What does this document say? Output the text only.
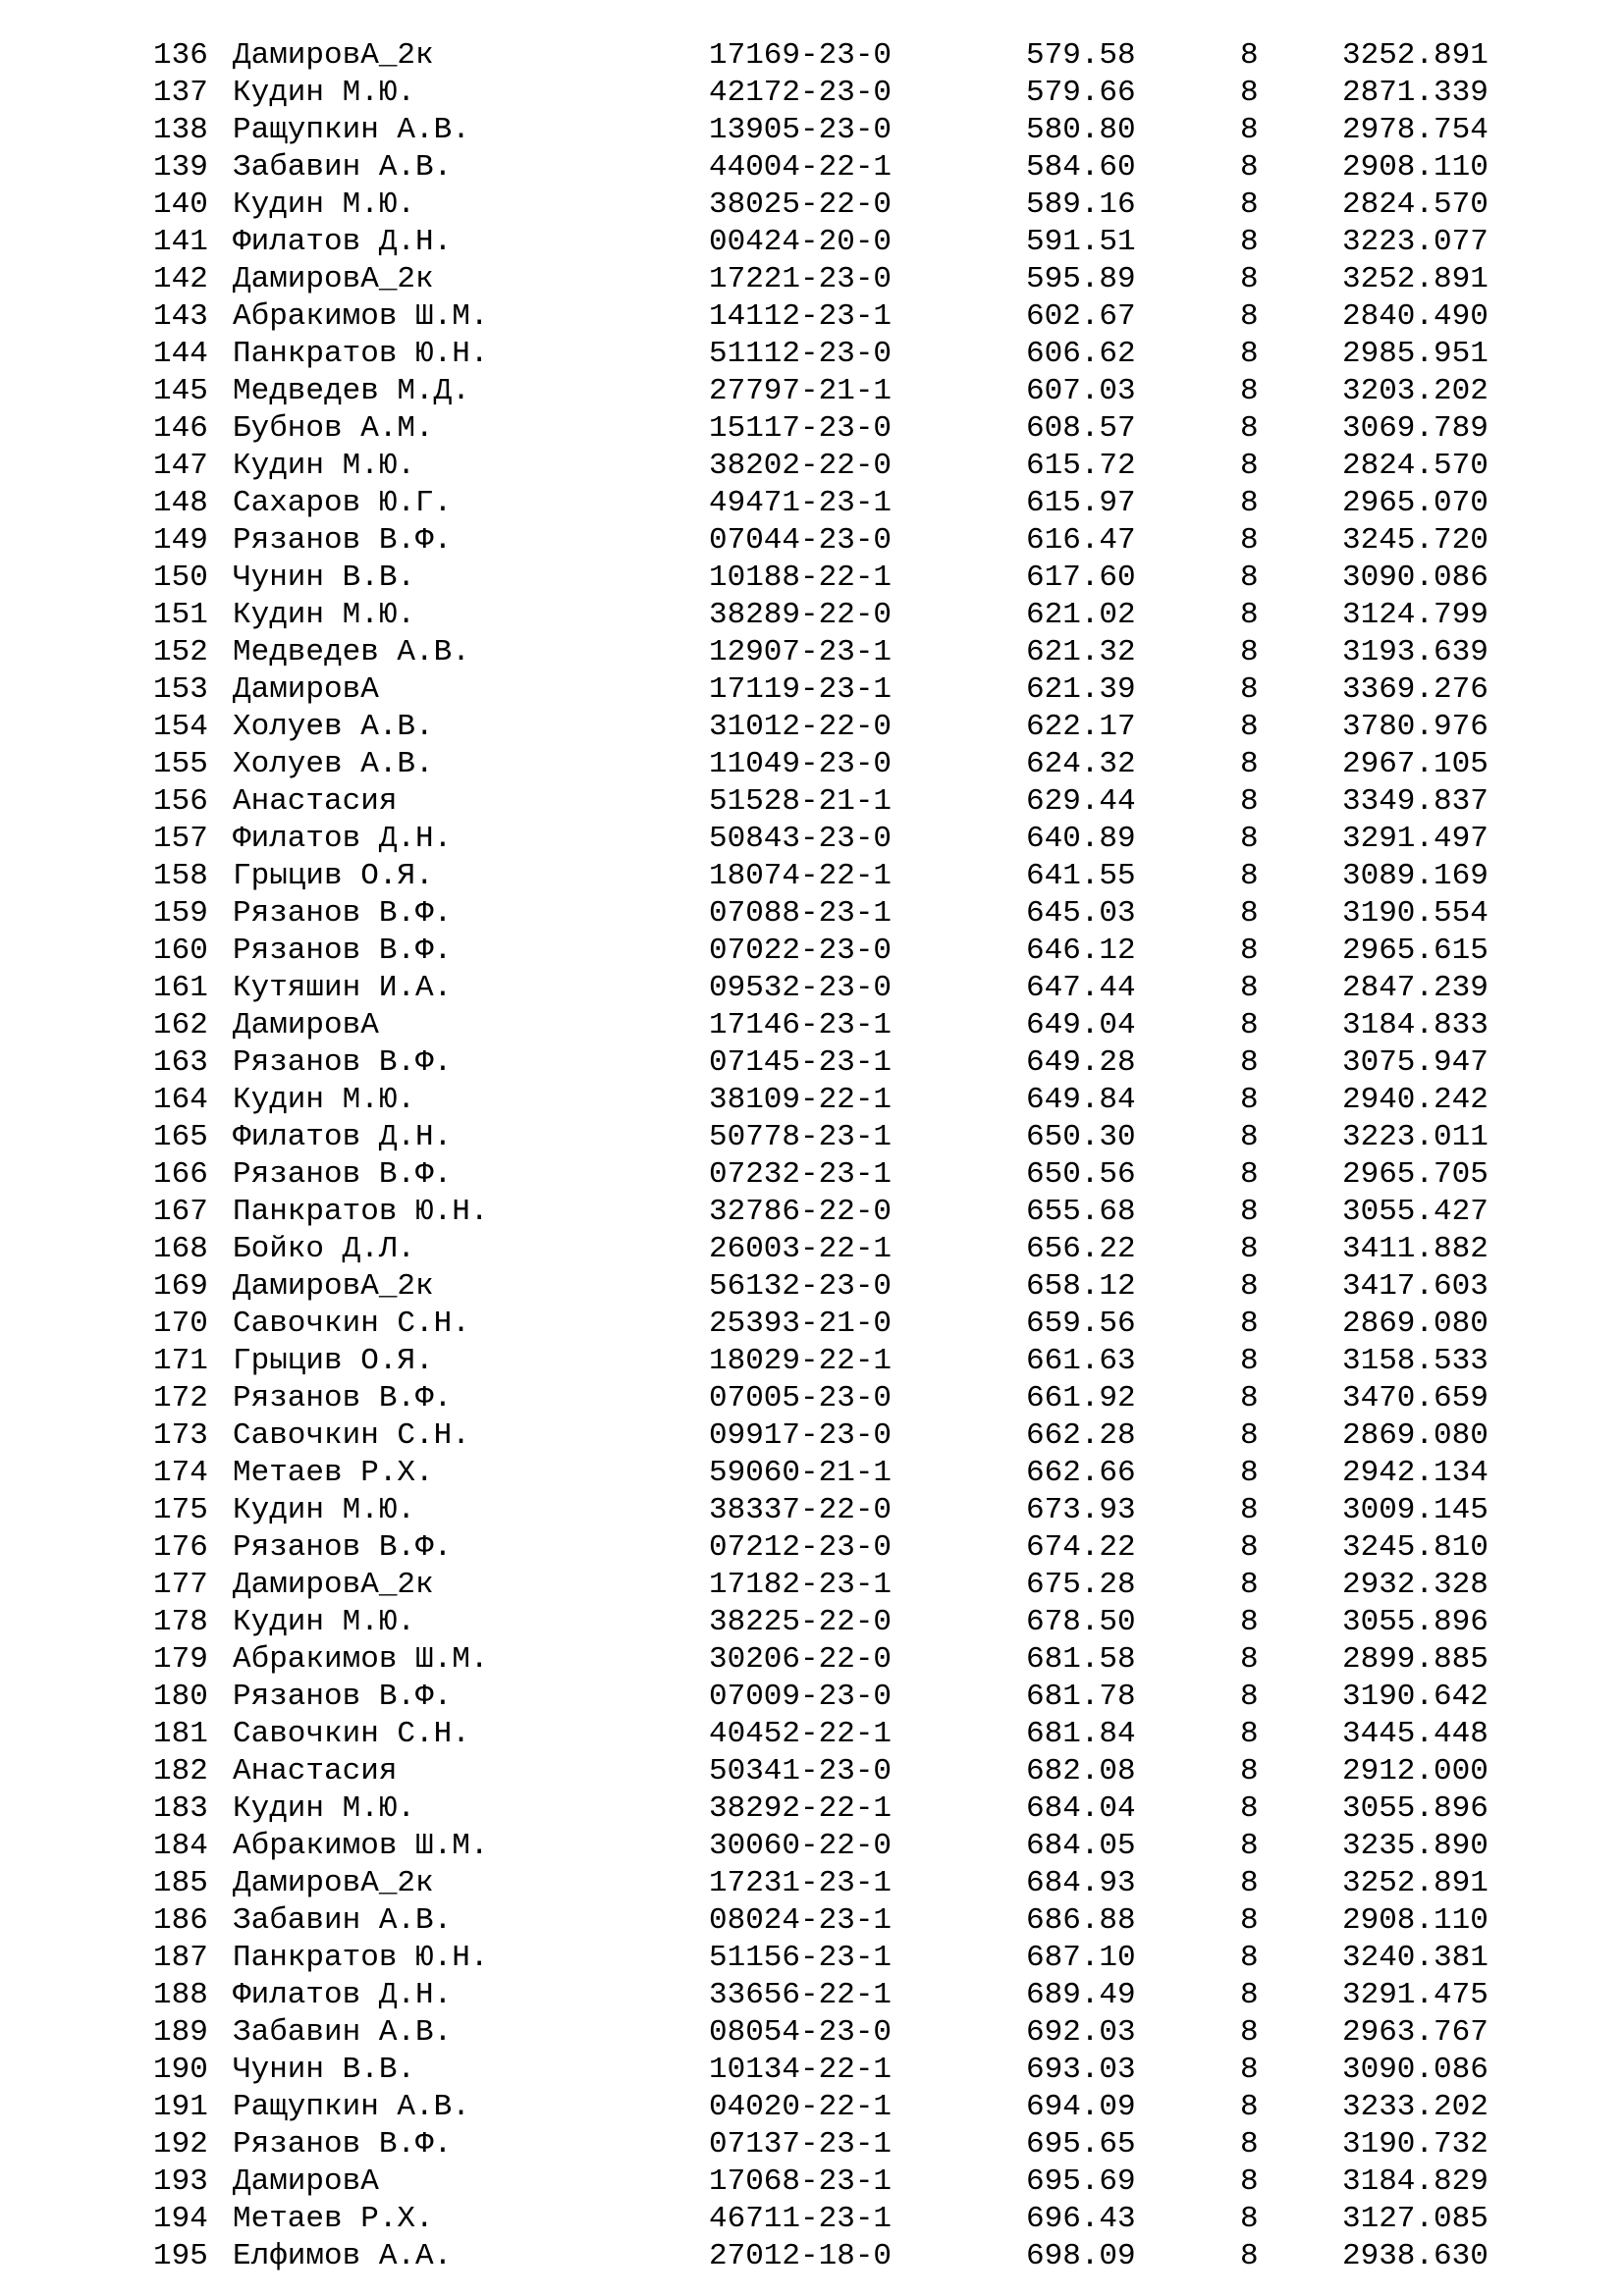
136 ДамировА_2к	17169-23-0	579.58	8	3252.891
137 Кудин М.Ю.	42172-23-0	579.66	8	2871.339
138 Ращупкин А.В.	13905-23-0	580.80	8	2978.754
139 Забавин А.В.	44004-22-1	584.60	8	2908.110
140 Кудин М.Ю.	38025-22-0	589.16	8	2824.570
141 Филатов Д.Н.	00424-20-0	591.51	8	3223.077
142 ДамировА_2к	17221-23-0	595.89	8	3252.891
143 Абракимов Ш.М.	14112-23-1	602.67	8	2840.490
144 Панкратов Ю.Н.	51112-23-0	606.62	8	2985.951
145 Медведев М.Д.	27797-21-1	607.03	8	3203.202
146 Бубнов А.М.	15117-23-0	608.57	8	3069.789
147 Кудин М.Ю.	38202-22-0	615.72	8	2824.570
148 Сахаров Ю.Г.	49471-23-1	615.97	8	2965.070
149 Рязанов В.Ф.	07044-23-0	616.47	8	3245.720
150 Чунин В.В.	10188-22-1	617.60	8	3090.086
151 Кудин М.Ю.	38289-22-0	621.02	8	3124.799
152 Медведев А.В.	12907-23-1	621.32	8	3193.639
153 ДамировА	17119-23-1	621.39	8	3369.276
154 Холуев А.В.	31012-22-0	622.17	8	3780.976
155 Холуев А.В.	11049-23-0	624.32	8	2967.105
156 Анастасия	51528-21-1	629.44	8	3349.837
157 Филатов Д.Н.	50843-23-0	640.89	8	3291.497
158 Грыцив О.Я.	18074-22-1	641.55	8	3089.169
159 Рязанов В.Ф.	07088-23-1	645.03	8	3190.554
160 Рязанов В.Ф.	07022-23-0	646.12	8	2965.615
161 Кутяшин И.А.	09532-23-0	647.44	8	2847.239
162 ДамировА	17146-23-1	649.04	8	3184.833
163 Рязанов В.Ф.	07145-23-1	649.28	8	3075.947
164 Кудин М.Ю.	38109-22-1	649.84	8	2940.242
165 Филатов Д.Н.	50778-23-1	650.30	8	3223.011
166 Рязанов В.Ф.	07232-23-1	650.56	8	2965.705
167 Панкратов Ю.Н.	32786-22-0	655.68	8	3055.427
168 Бойко Д.Л.	26003-22-1	656.22	8	3411.882
169 ДамировА_2к	56132-23-0	658.12	8	3417.603
170 Савочкин С.Н.	25393-21-0	659.56	8	2869.080
171 Грыцив О.Я.	18029-22-1	661.63	8	3158.533
172 Рязанов В.Ф.	07005-23-0	661.92	8	3470.659
173 Савочкин С.Н.	09917-23-0	662.28	8	2869.080
174 Метаев Р.Х.	59060-21-1	662.66	8	2942.134
175 Кудин М.Ю.	38337-22-0	673.93	8	3009.145
176 Рязанов В.Ф.	07212-23-0	674.22	8	3245.810
177 ДамировА_2к	17182-23-1	675.28	8	2932.328
178 Кудин М.Ю.	38225-22-0	678.50	8	3055.896
179 Абракимов Ш.М.	30206-22-0	681.58	8	2899.885
180 Рязанов В.Ф.	07009-23-0	681.78	8	3190.642
181 Савочкин С.Н.	40452-22-1	681.84	8	3445.448
182 Анастасия	50341-23-0	682.08	8	2912.000
183 Кудин М.Ю.	38292-22-1	684.04	8	3055.896
184 Абракимов Ш.М.	30060-22-0	684.05	8	3235.890
185 ДамировА_2к	17231-23-1	684.93	8	3252.891
186 Забавин А.В.	08024-23-1	686.88	8	2908.110
187 Панкратов Ю.Н.	51156-23-1	687.10	8	3240.381
188 Филатов Д.Н.	33656-22-1	689.49	8	3291.475
189 Забавин А.В.	08054-23-0	692.03	8	2963.767
190 Чунин В.В.	10134-22-1	693.03	8	3090.086
191 Ращупкин А.В.	04020-22-1	694.09	8	3233.202
192 Рязанов В.Ф.	07137-23-1	695.65	8	3190.732
193 ДамировА	17068-23-1	695.69	8	3184.829
194 Метаев Р.Х.	46711-23-1	696.43	8	3127.085
195 Елфимов А.А.	27012-18-0	698.09	8	2938.630
